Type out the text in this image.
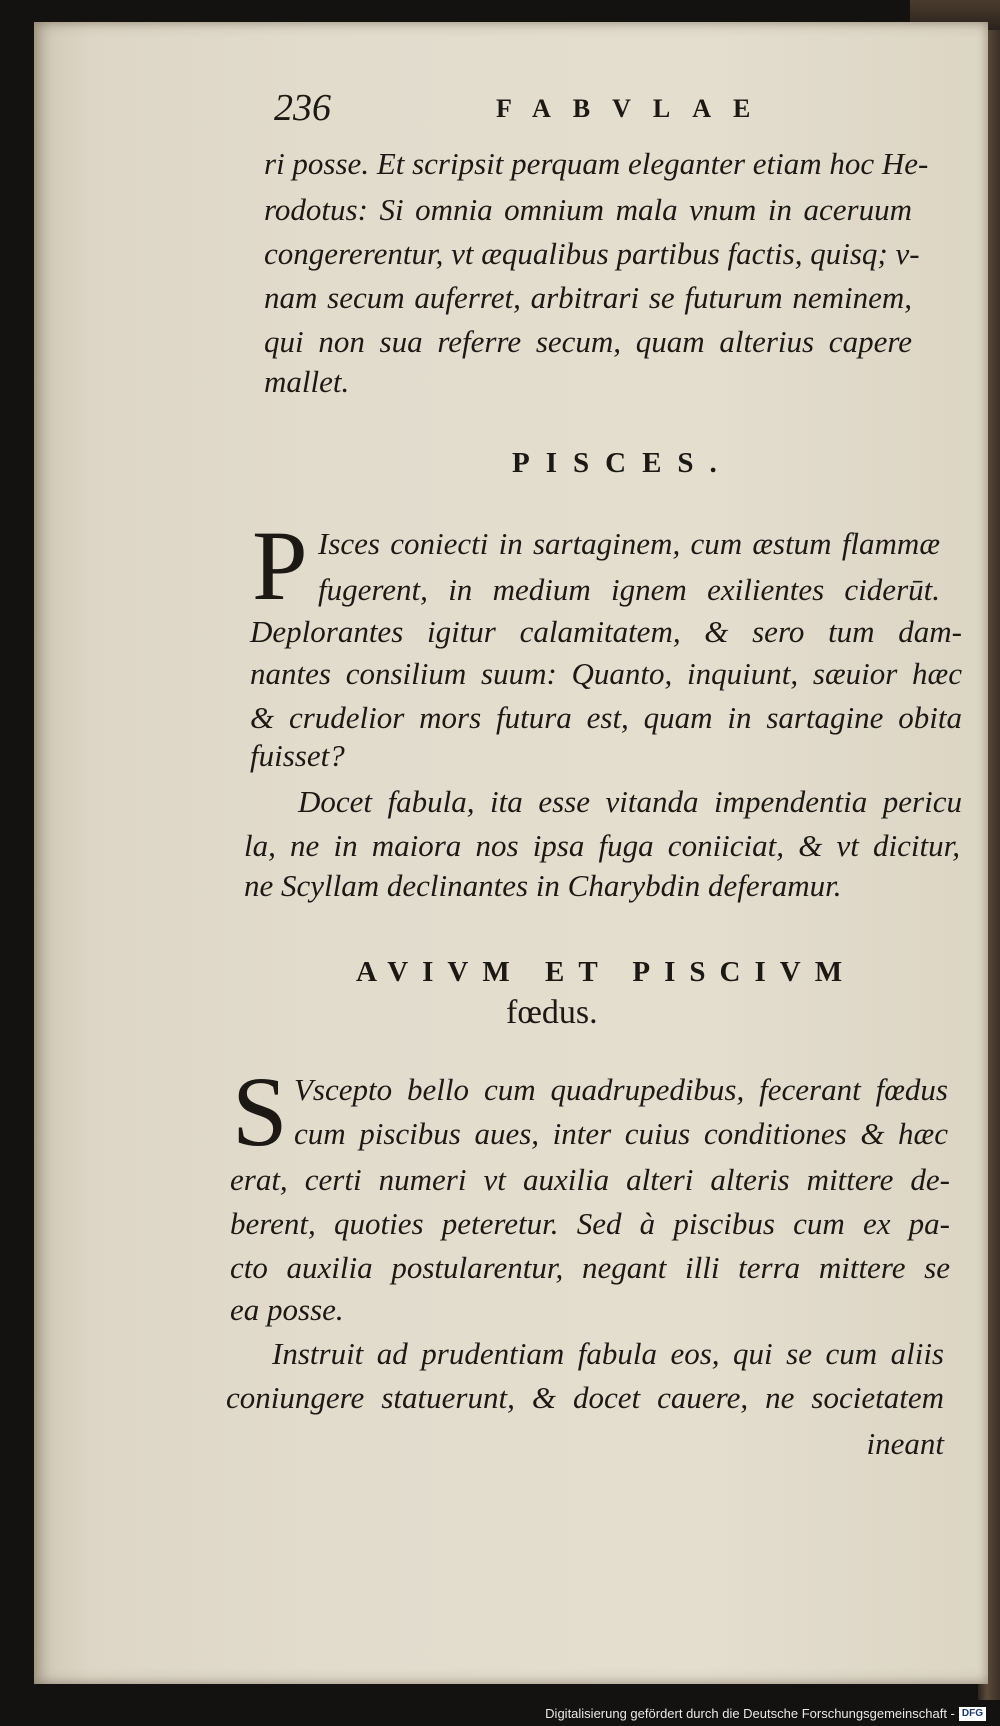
236	FABVLAE
ri posse. Et scripsit perquam eleganter etiam hoc He-
rodotus: Si omnia omnium mala vnum in aceruum
congererentur, vt æqualibus partibus factis, quisq; v-
nam secum auferret, arbitrari se futurum neminem,
qui non sua referre secum, quam alterius capere
mallet.
PISCES.
P Isces coniecti in sartaginem, cum æstum flammæ
fugerent, in medium ignem exilientes ciderūt.
Deplorantes igitur calamitatem, & sero tum dam-
nantes consilium suum: Quanto, inquiunt, sæuior hæc
& crudelior mors futura est, quam in sartagine obita
fuisset?
Docet fabula, ita esse vitanda impendentia pericu
la, ne in maiora nos ipsa fuga coniiciat, & vt dicitur,
ne Scyllam declinantes in Charybdin deferamur.
AVIVM ET PISCIVM
fœdus.
S Vscepto bello cum quadrupedibus, fecerant fœdus
cum piscibus aues, inter cuius conditiones & hæc
erat, certi numeri vt auxilia alteri alteris mittere de-
berent, quoties peteretur. Sed à piscibus cum ex pa-
cto auxilia postularentur, negant illi terra mittere se
ea posse.
Instruit ad prudentiam fabula eos, qui se cum aliis
coniungere statuerunt, & docet cauere, ne societatem
ineant
Digitalisierung gefördert durch die Deutsche Forschungsgemeinschaft - DFG
